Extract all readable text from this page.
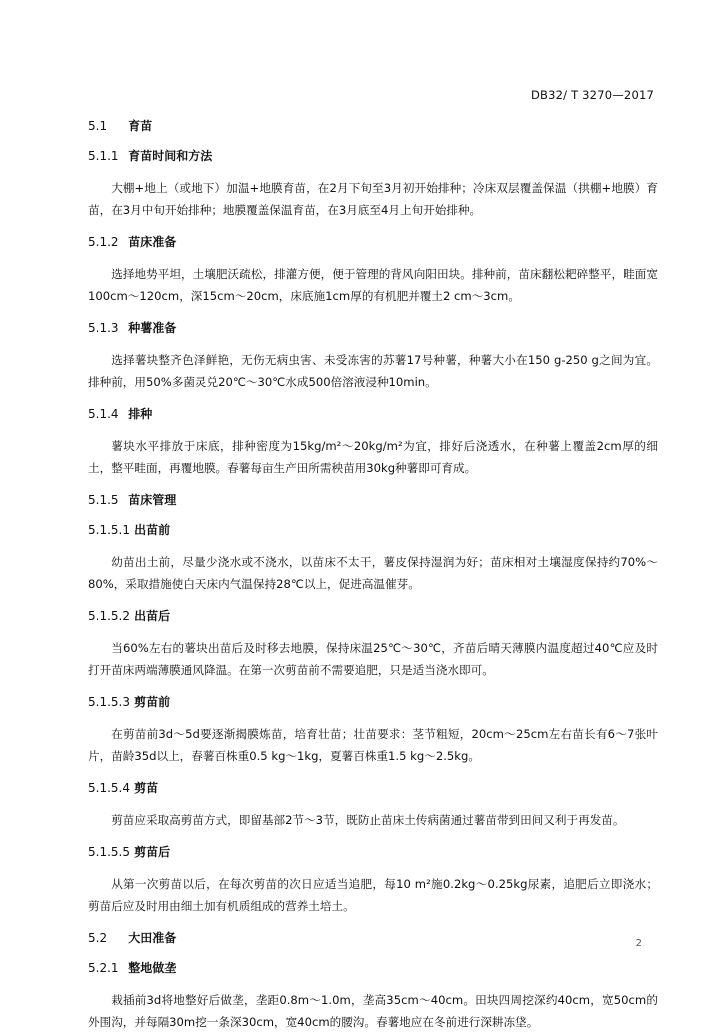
DB32/ T 3270—2017
5.1 育苗
5.1.1 育苗时间和方法

大棚+地上（或地下）加温+地膜育苗，在2月下旬至3月初开始排种；冷床双层覆盖保温（拱棚+地膜）育苗，在3月中旬开始排种；地膜覆盖保温育苗，在3月底至4月上旬开始排种。

5.1.2 苗床准备

选择地势平坦，土壤肥沃疏松，排灌方便，便于管理的背风向阳田块。排种前，苗床翻松耙碎整平，畦面宽100cm～120cm，深15cm～20cm，床底施1cm厚的有机肥并覆土2 cm～3cm。

5.1.3 种薯准备

选择薯块整齐色泽鲜艳，无伤无病虫害、未受冻害的苏薯17号种薯，种薯大小在150 g-250 g之间为宜。排种前，用50%多菌灵兑20℃～30℃水成500倍溶液浸种10min。

5.1.4 排种

薯块水平排放于床底，排种密度为15kg/m²～20kg/m²为宜，排好后浇透水，在种薯上覆盖2cm厚的细土，整平畦面，再覆地膜。春薯每亩生产田所需秧苗用30kg种薯即可育成。

5.1.5 苗床管理
5.1.5.1 出苗前

幼苗出土前，尽量少浇水或不浇水，以苗床不太干，薯皮保持湿润为好；苗床相对土壤湿度保持约70%～80%，采取措施使白天床内气温保持28℃以上，促进高温催芽。

5.1.5.2 出苗后

当60%左右的薯块出苗后及时移去地膜，保持床温25℃～30℃，齐苗后晴天薄膜内温度超过40℃应及时打开苗床两端薄膜通风降温。在第一次剪苗前不需要追肥，只是适当浇水即可。

5.1.5.3 剪苗前

在剪苗前3d～5d要逐渐揭膜炼苗，培育壮苗；壮苗要求：茎节粗短，20cm～25cm左右苗长有6～7张叶片，苗龄35d以上，春薯百株重0.5 kg～1kg，夏薯百株重1.5 kg～2.5kg。

5.1.5.4 剪苗

剪苗应采取高剪苗方式，即留基部2节～3节，既防止苗床土传病菌通过薯苗带到田间又利于再发苗。

5.1.5.5 剪苗后

从第一次剪苗以后，在每次剪苗的次日应适当追肥，每10 m²施0.2kg～0.25kg尿素，追肥后立即浇水；剪苗后应及时用由细土加有机质组成的营养土培土。

5.2 大田准备
5.2.1 整地做垄

栽插前3d将地整好后做垄，垄距0.8m～1.0m，垄高35cm～40cm。田块四周挖深约40cm，宽50cm的外围沟，并每隔30m挖一条深30cm，宽40cm的腰沟。春薯地应在冬前进行深耕冻垡。

2
